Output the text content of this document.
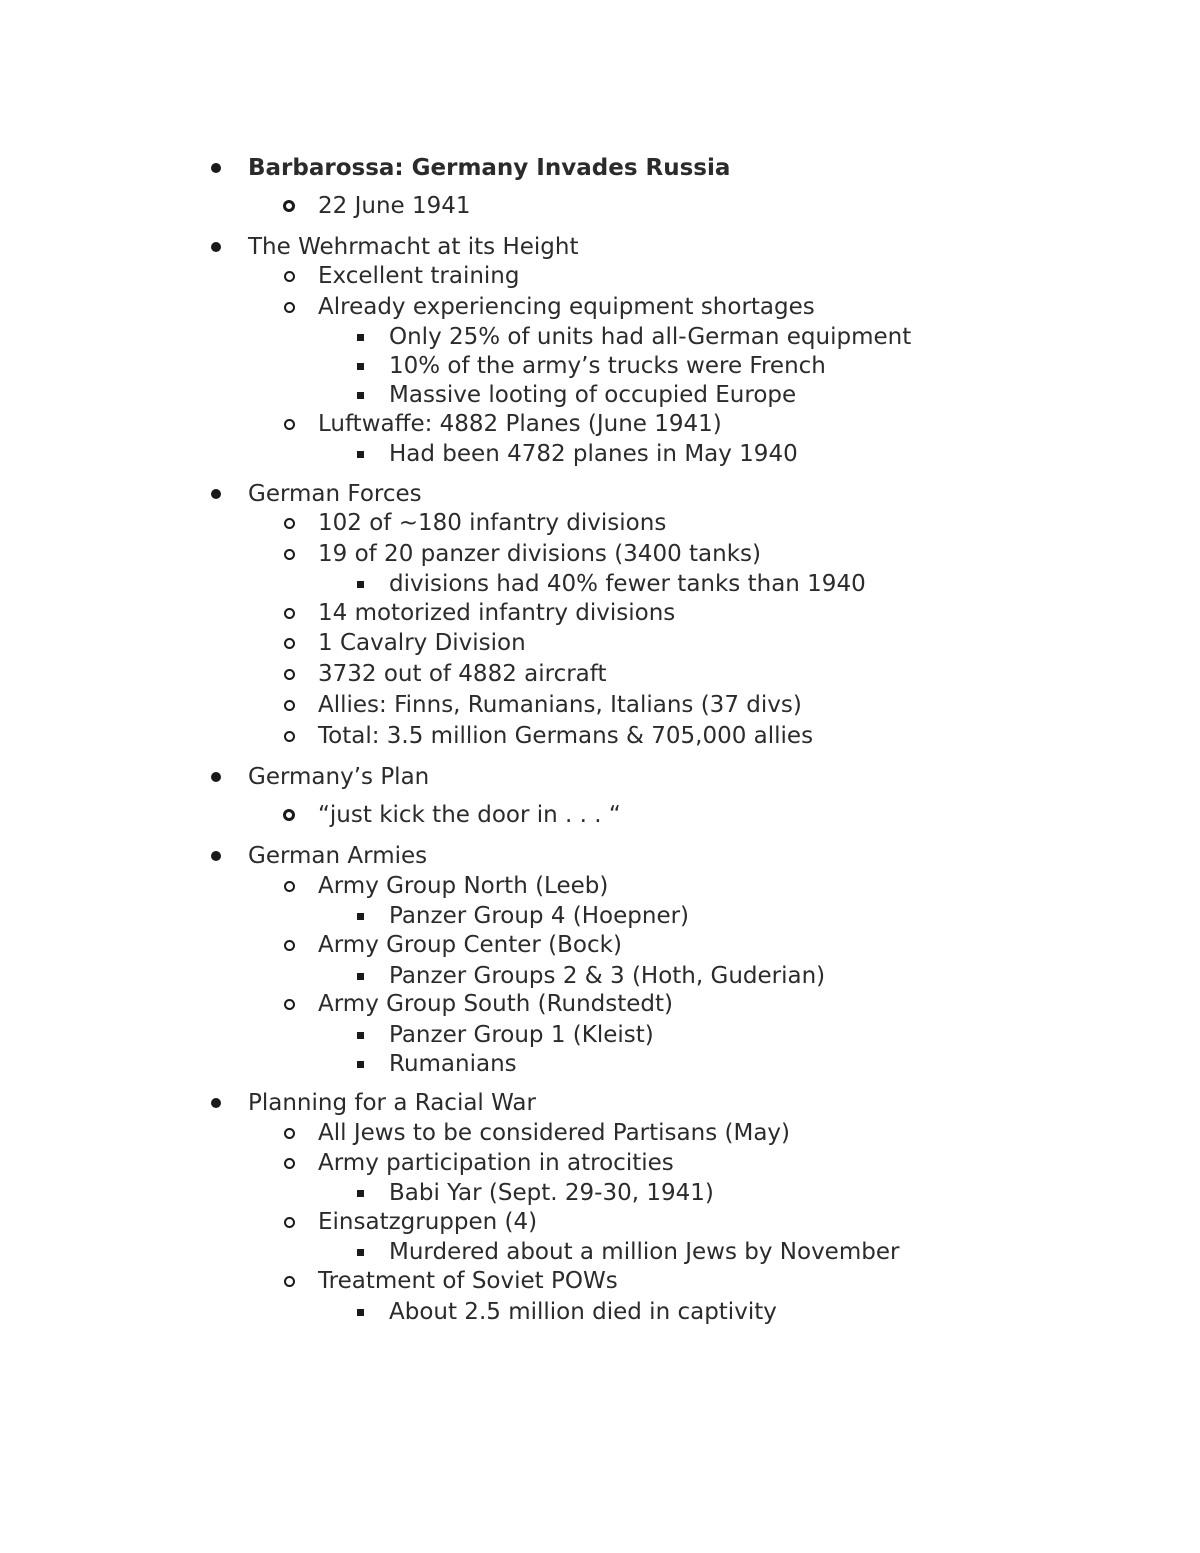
Barbarossa: Germany Invades Russia
22 June 1941
The Wehrmacht at its Height
Excellent training
Already experiencing equipment shortages
Only 25% of units had all-German equipment
10% of the army’s trucks were French
Massive looting of occupied Europe
Luftwaffe: 4882 Planes (June 1941)
Had been 4782 planes in May 1940
German Forces
102 of ~180 infantry divisions
19 of 20 panzer divisions (3400 tanks)
divisions had 40% fewer tanks than 1940
14 motorized infantry divisions
1 Cavalry Division
3732 out of 4882 aircraft
Allies: Finns, Rumanians, Italians (37 divs)
Total: 3.5 million Germans & 705,000 allies
Germany’s Plan
“just kick the door in . . . “
German Armies
Army Group North (Leeb)
Panzer Group 4 (Hoepner)
Army Group Center (Bock)
Panzer Groups 2 & 3 (Hoth, Guderian)
Army Group South (Rundstedt)
Panzer Group 1 (Kleist)
Rumanians
Planning for a Racial War
All Jews to be considered Partisans (May)
Army participation in atrocities
Babi Yar (Sept. 29-30, 1941)
Einsatzgruppen (4)
Murdered about a million Jews by November
Treatment of Soviet POWs
About 2.5 million died in captivity
